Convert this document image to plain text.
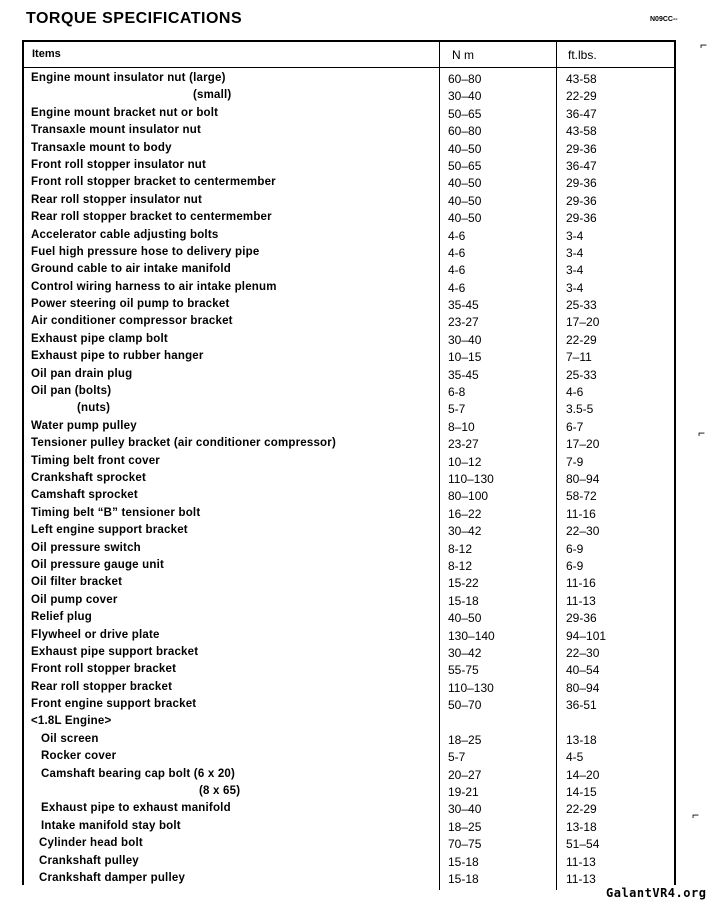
TORQUE SPECIFICATIONS	N09CC--
Items	N m	ft.lbs.
Engine mount insulator nut (large)	60–80	43-58
(small)	30–40	22-29
Engine mount bracket nut or bolt	50–65	36-47
Transaxle mount insulator nut	60–80	43-58
Transaxle mount to body	40–50	29-36
Front roll stopper insulator nut	50–65	36-47
Front roll stopper bracket to centermember	40–50	29-36
Rear roll stopper insulator nut	40–50	29-36
Rear roll stopper bracket to centermember	40–50	29-36
Accelerator cable adjusting bolts	4-6	3-4
Fuel high pressure hose to delivery pipe	4-6	3-4
Ground cable to air intake manifold	4-6	3-4
Control wiring harness to air intake plenum	4-6	3-4
Power steering oil pump to bracket	35-45	25-33
Air conditioner compressor bracket	23-27	17–20
Exhaust pipe clamp bolt	30–40	22-29
Exhaust pipe to rubber hanger	10–15	7–11
Oil pan drain plug	35-45	25-33
Oil pan (bolts)	6-8	4-6
(nuts)	5-7	3.5-5
Water pump pulley	8–10	6-7
Tensioner pulley bracket (air conditioner compressor)	23-27	17–20
Timing belt front cover	10–12	7-9
Crankshaft sprocket	110–130	80–94
Camshaft sprocket	80–100	58-72
Timing belt “B” tensioner bolt	16–22	11-16
Left engine support bracket	30–42	22–30
Oil pressure switch	8-12	6-9
Oil pressure gauge unit	8-12	6-9
Oil filter bracket	15-22	11-16
Oil pump cover	15-18	11-13
Relief plug	40–50	29-36
Flywheel or drive plate	130–140	94–101
Exhaust pipe support bracket	30–42	22–30
Front roll stopper bracket	55-75	40–54
Rear roll stopper bracket	110–130	80–94
Front engine support bracket	50–70	36-51
<1.8L Engine>
Oil screen	18–25	13-18
Rocker cover	5-7	4-5
Camshaft bearing cap bolt (6 x 20)	20–27	14–20
(8 x 65)	19-21	14-15
Exhaust pipe to exhaust manifold	30–40	22-29
Intake manifold stay bolt	18–25	13-18
Cylinder head bolt	70–75	51–54
Crankshaft pulley	15-18	11-13
Crankshaft damper pulley	15-18	11-13
⌐
⌐
⌐
GalantVR4.org
